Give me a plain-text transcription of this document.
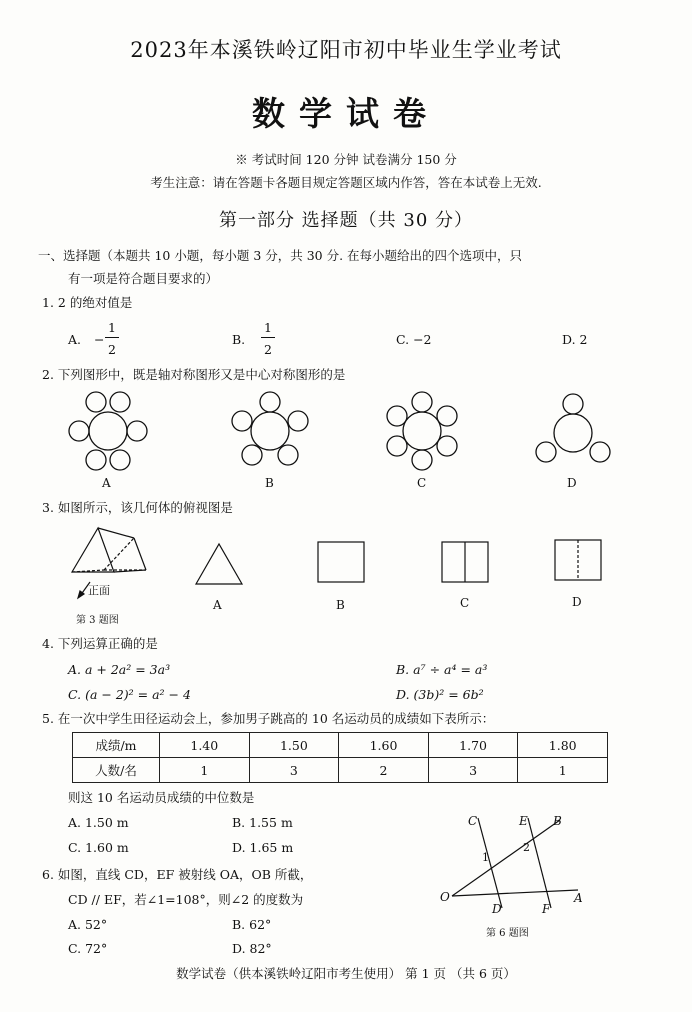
2023年本溪铁岭辽阳市初中毕业生学业考试
数学试卷
※ 考试时间 120 分钟 试卷满分 150 分
考生注意：请在答题卡各题目规定答题区域内作答，答在本试卷上无效.
第一部分 选择题（共 30 分）
一、选择题（本题共 10 小题，每小题 3 分，共 30 分. 在每小题给出的四个选项中，只
有一项是符合题目要求的）
1. 2 的绝对值是
A. −
1
2
B.
1
2
C. −2	D. 2
2. 下列图形中，既是轴对称图形又是中心对称图形的是
A	B	C	D
3. 如图所示，该几何体的俯视图是
正面
第 3 题图
A	B	C	D
4. 下列运算正确的是
A. a + 2a² = 3a³	B. a⁷ ÷ a⁴ = a³
C. (a − 2)² = a² − 4	D. (3b)² = 6b²
5. 在一次中学生田径运动会上，参加男子跳高的 10 名运动员的成绩如下表所示：
成绩/m	1.40	1.50	1.60	1.70	1.80
人数/名	1	3	2	3	1
则这 10 名运动员成绩的中位数是
A. 1.50 m	B. 1.55 m
C. 1.60 m	D. 1.65 m
6. 如图，直线 CD，EF 被射线 OA，OB 所截，
CD // EF，若∠1=108°，则∠2 的度数为
A. 52°	B. 62°
C. 72°	D. 82°
C	E B
1
2
O
D	F
A
第 6 题图
数学试卷（供本溪铁岭辽阳市考生使用） 第 1 页 （共 6 页）
